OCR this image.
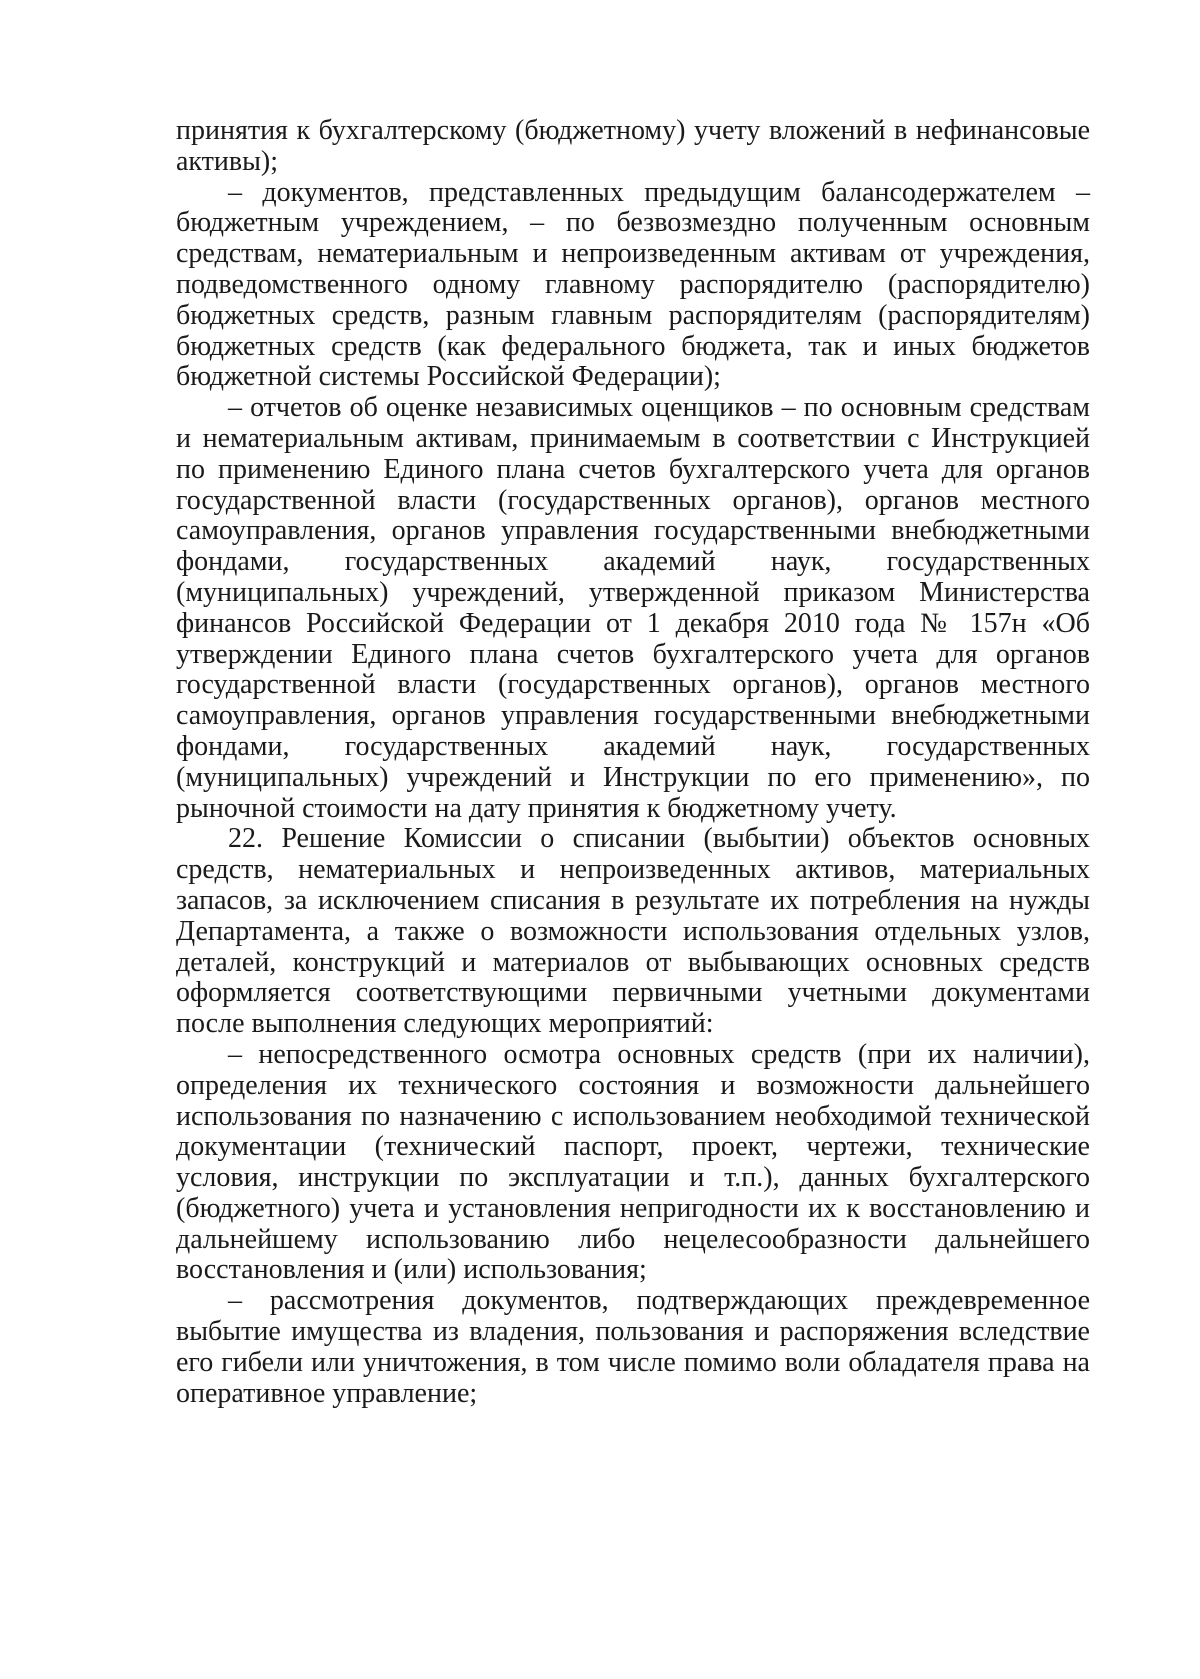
принятия к бухгалтерскому (бюджетному) учету вложений в нефинансовые активы);

– документов, представленных предыдущим балансодержателем – бюджетным учреждением, – по безвозмездно полученным основным средствам, нематериальным и непроизведенным активам от учреждения, подведомственного одному главному распорядителю (распорядителю) бюджетных средств, разным главным распорядителям (распорядителям) бюджетных средств (как федерального бюджета, так и иных бюджетов бюджетной системы Российской Федерации);

– отчетов об оценке независимых оценщиков – по основным средствам и нематериальным активам, принимаемым в соответствии с Инструкцией по применению Единого плана счетов бухгалтерского учета для органов государственной власти (государственных органов), органов местного самоуправления, органов управления государственными внебюджетными фондами, государственных академий наук, государственных (муниципальных) учреждений, утвержденной приказом Министерства финансов Российской Федерации от 1 декабря 2010 года № 157н «Об утверждении Единого плана счетов бухгалтерского учета для органов государственной власти (государственных органов), органов местного самоуправления, органов управления государственными внебюджетными фондами, государственных академий наук, государственных (муниципальных) учреждений и Инструкции по его применению», по рыночной стоимости на дату принятия к бюджетному учету.

22. Решение Комиссии о списании (выбытии) объектов основных средств, нематериальных и непроизведенных активов, материальных запасов, за исключением списания в результате их потребления на нужды Департамента, а также о возможности использования отдельных узлов, деталей, конструкций и материалов от выбывающих основных средств оформляется соответствующими первичными учетными документами после выполнения следующих мероприятий:

– непосредственного осмотра основных средств (при их наличии), определения их технического состояния и возможности дальнейшего использования по назначению с использованием необходимой технической документации (технический паспорт, проект, чертежи, технические условия, инструкции по эксплуатации и т.п.), данных бухгалтерского (бюджетного) учета и установления непригодности их к восстановлению и дальнейшему использованию либо нецелесообразности дальнейшего восстановления и (или) использования;

– рассмотрения документов, подтверждающих преждевременное выбытие имущества из владения, пользования и распоряжения вследствие его гибели или уничтожения, в том числе помимо воли обладателя права на оперативное управление;
